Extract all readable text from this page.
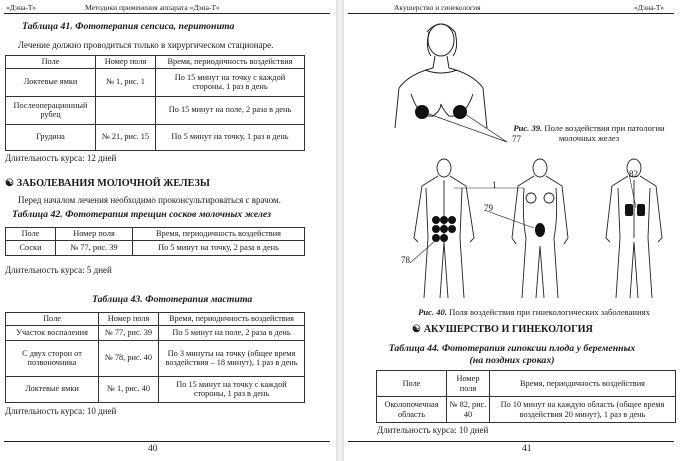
«Дэна-Т»	Методики применения аппарата «Дэна-Т»
Таблица 41. Фототерапия сепсиса, перитонита
Лечение должно проводиться только в хирургическом стационаре.
Поле	Номер поля	Время, периодичность воздействия
Локтевые ямки	№ 1, рис. 1	По 15 минут на точку с каждой стороны, 1 раз в день
Послеоперационный рубец		По 15 минут на поле, 2 раза в день
Грудина	№ 21, рис. 15	По 5 минут на точку, 1 раз в день
Длительность курса: 12 дней
☯ ЗАБОЛЕВАНИЯ МОЛОЧНОЙ ЖЕЛЕЗЫ
Перед началом лечения необходимо проконсультироваться с врачом.
Таблица 42. Фототерапия трещин сосков молочных желез
Поле	Номер поля	Время, периодичность воздействия
Соски	№ 77, рис. 39	По 5 минут на точку, 2 раза в день
Длительность курса: 5 дней
Таблица 43. Фототерапия мастита
Поле	Номер поля	Время, периодичность воздействия
Участок воспаления	№ 77, рис. 39	По 5 минут на поле, 2 раза в день
С двух сторон от позвоночника	№ 78, рис. 40	По 3 минуты на точку (общее время воздействия – 18 минут), 1 раз в день
Локтевые ямки	№ 1, рис. 40	По 15 минут на точку с каждой стороны, 1 раз в день
Длительность курса: 10 дней
40
Акушерство и гинекология	«Дэна-Т»
77
Рис. 39. Поле воздействия при патологии молочных желез
1
79
82
78
Рис. 40. Поля воздействия при гинекологических заболеваниях
☯ АКУШЕРСТВО И ГИНЕКОЛОГИЯ
Таблица 44. Фототерапия гипоксии плода у беременных
(на поздних сроках)
Поле	Номер поля	Время, периодичность воздействия
Околопочечная область	№ 82, рис. 40	По 10 минут на каждую область (общее время воздействия 20 минут), 1 раз в день
Длительность курса: 10 дней
41
